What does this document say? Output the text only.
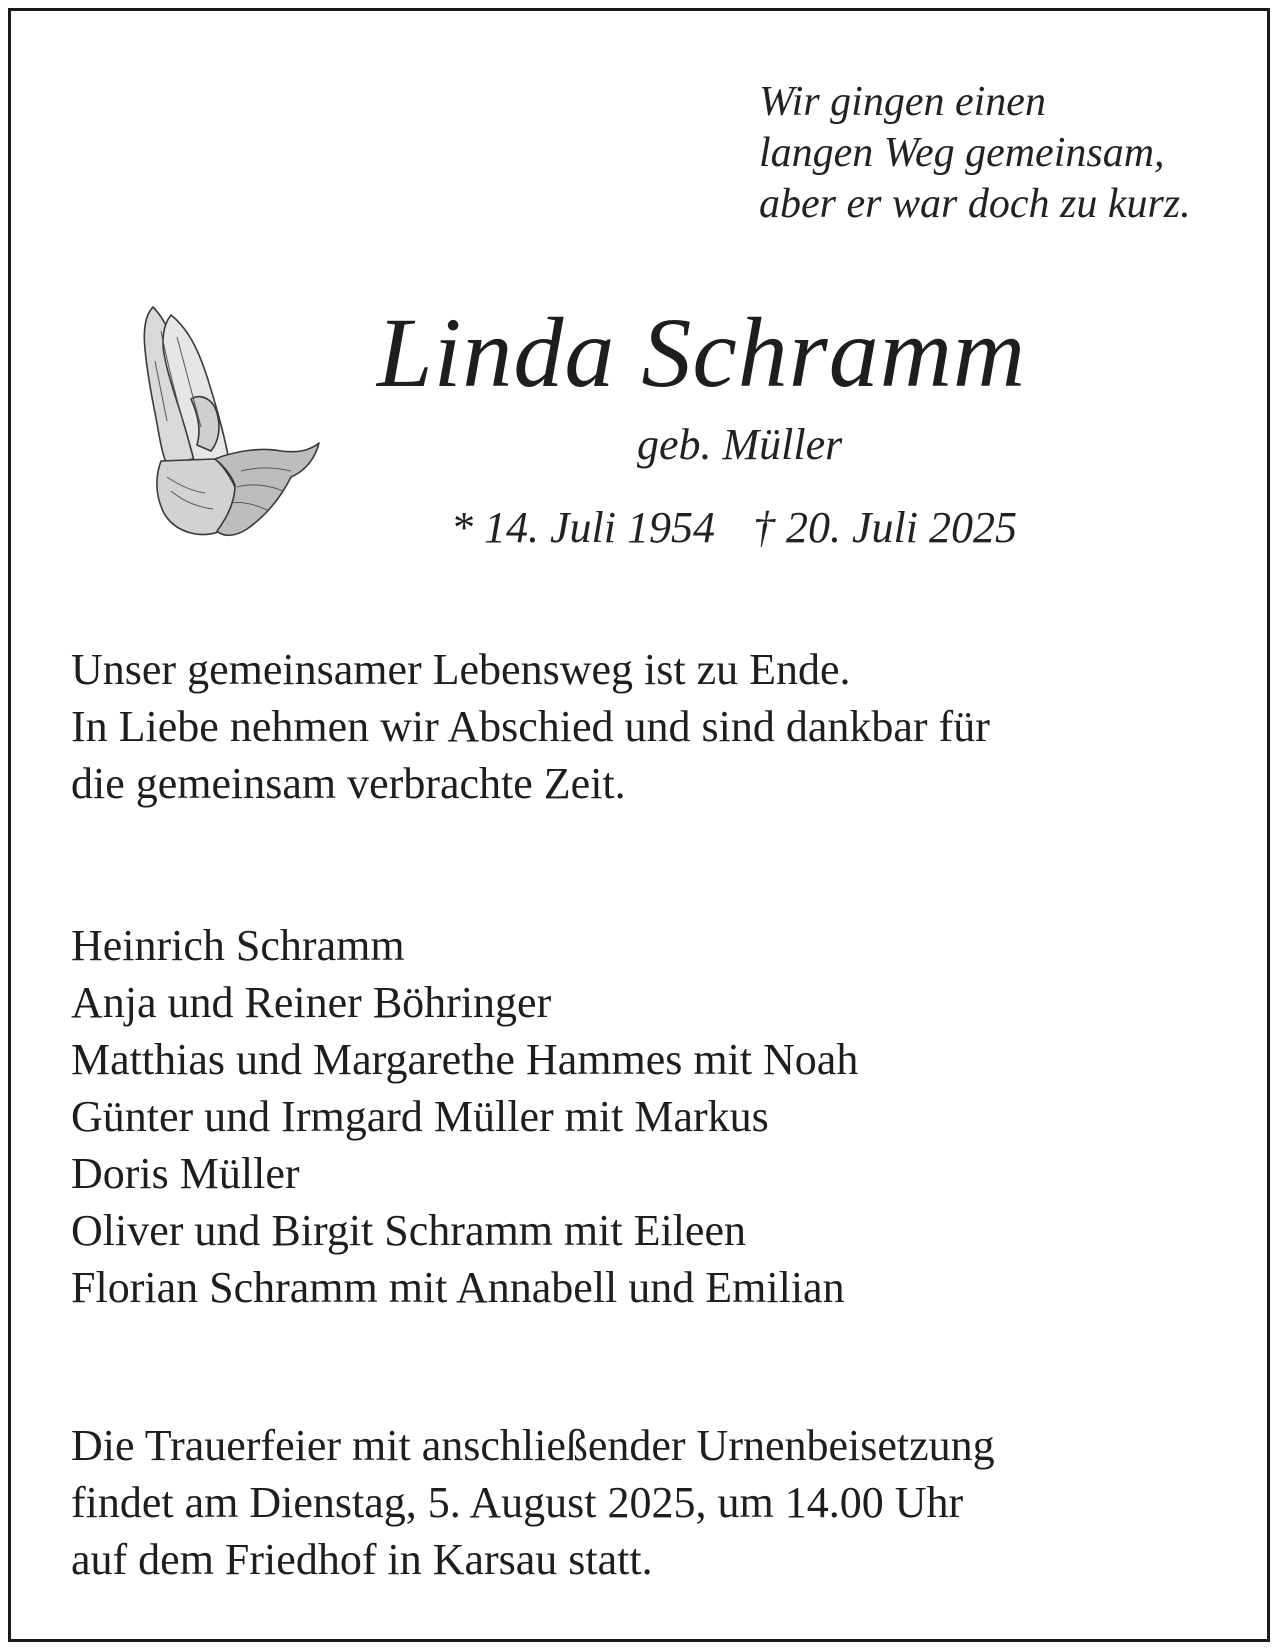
Wir gingen einen
langen Weg gemeinsam,
aber er war doch zu kurz.
Linda Schramm
geb. Müller
* 14. Juli 1954 † 20. Juli 2025
Unser gemeinsamer Lebensweg ist zu Ende.
In Liebe nehmen wir Abschied und sind dankbar für
die gemeinsam verbrachte Zeit.
Heinrich Schramm
Anja und Reiner Böhringer
Matthias und Margarethe Hammes mit Noah
Günter und Irmgard Müller mit Markus
Doris Müller
Oliver und Birgit Schramm mit Eileen
Florian Schramm mit Annabell und Emilian
Die Trauerfeier mit anschließender Urnenbeisetzung
findet am Dienstag, 5. August 2025, um 14.00 Uhr
auf dem Friedhof in Karsau statt.
